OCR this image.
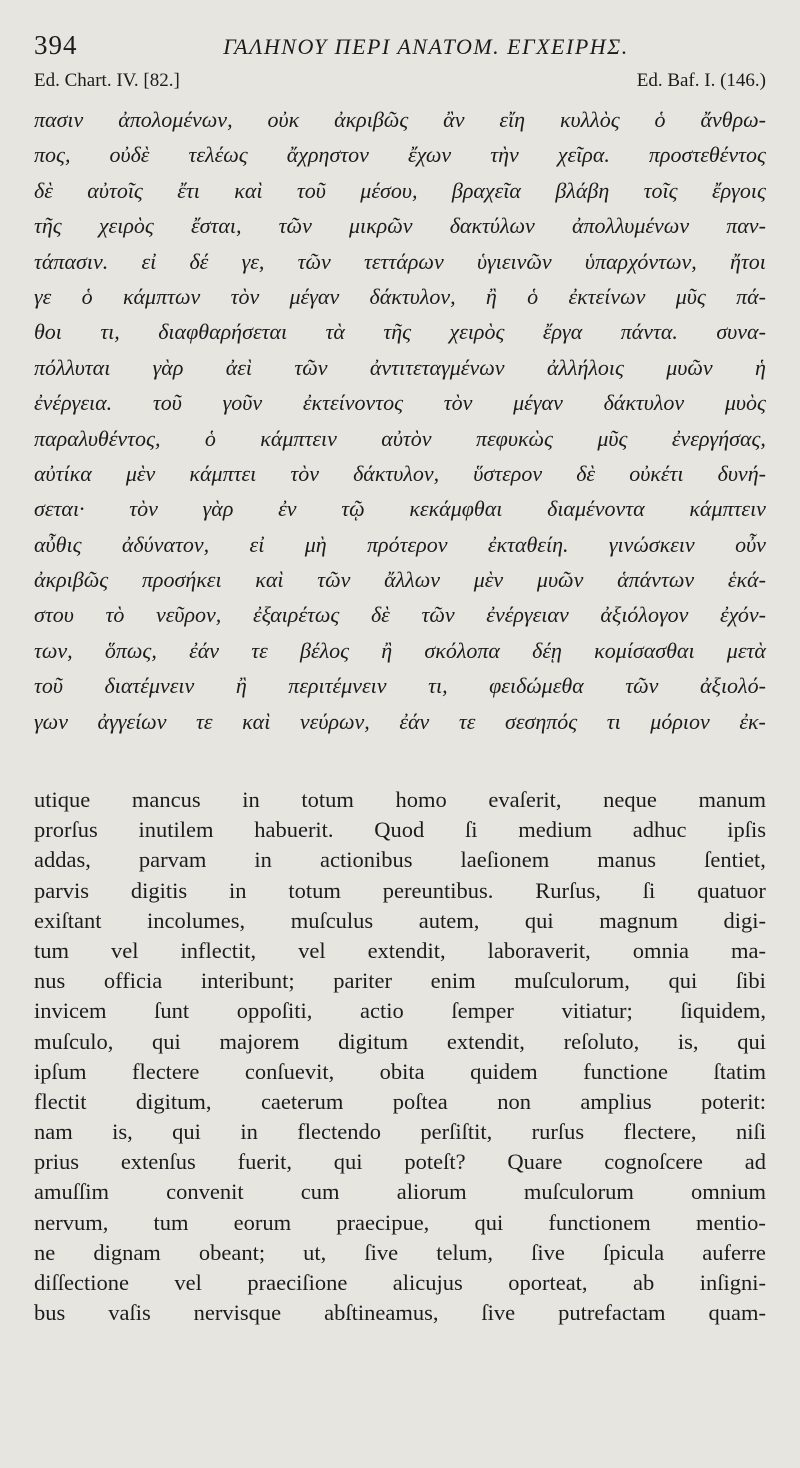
394	ΓΑΛΗΝΟΥ ΠΕΡΙ ΑΝΑΤΟΜ. ΕΓΧΕΙΡΗΣ.
Ed. Chart. IV. [82.]	Ed. Baf. I. (146.)
πασιν ἀπολομένων, οὐκ ἀκριβῶς ἂν εἴη κυλλὸς ὁ ἄνθρω-
πος, οὐδὲ τελέως ἄχρηστον ἔχων τὴν χεῖρα. προστεθέντος
δὲ αὐτοῖς ἔτι καὶ τοῦ μέσου, βραχεῖα βλάβη τοῖς ἔργοις
τῆς χειρὸς ἔσται, τῶν μικρῶν δακτύλων ἀπολλυμένων παν-
τάπασιν. εἰ δέ γε, τῶν τεττάρων ὑγιεινῶν ὑπαρχόντων, ἤτοι
γε ὁ κάμπτων τὸν μέγαν δάκτυλον, ἢ ὁ ἐκτείνων μῦς πά-
θοι τι, διαφθαρήσεται τὰ τῆς χειρὸς ἔργα πάντα. συνα-
πόλλυται γὰρ ἀεὶ τῶν ἀντιτεταγμένων ἀλλήλοις μυῶν ἡ
ἐνέργεια. τοῦ γοῦν ἐκτείνοντος τὸν μέγαν δάκτυλον μυὸς
παραλυθέντος, ὁ κάμπτειν αὐτὸν πεφυκὼς μῦς ἐνεργήσας,
αὐτίκα μὲν κάμπτει τὸν δάκτυλον, ὕστερον δὲ οὐκέτι δυνή-
σεται· τὸν γὰρ ἐν τῷ κεκάμφθαι διαμένοντα κάμπτειν
αὖθις ἀδύνατον, εἰ μὴ πρότερον ἐκταθείη. γινώσκειν οὖν
ἀκριβῶς προσήκει καὶ τῶν ἄλλων μὲν μυῶν ἁπάντων ἑκά-
στου τὸ νεῦρον, ἐξαιρέτως δὲ τῶν ἐνέργειαν ἀξιόλογον ἐχόν-
των, ὅπως, ἐάν τε βέλος ἢ σκόλοπα δέῃ κομίσασθαι μετὰ
τοῦ διατέμνειν ἢ περιτέμνειν τι, φειδώμεθα τῶν ἀξιολό-
γων ἀγγείων τε καὶ νεύρων, ἐάν τε σεσηπός τι μόριον ἐκ-
utique mancus in totum homo evaſerit, neque manum
prorſus inutilem habuerit. Quod ſi medium adhuc ipſis
addas, parvam in actionibus laeſionem manus ſentiet,
parvis digitis in totum pereuntibus. Rurſus, ſi quatuor
exiſtant incolumes, muſculus autem, qui magnum digi-
tum vel inflectit, vel extendit, laboraverit, omnia ma-
nus officia interibunt; pariter enim muſculorum, qui ſibi
invicem ſunt oppoſiti, actio ſemper vitiatur; ſiquidem,
muſculo, qui majorem digitum extendit, reſoluto, is, qui
ipſum flectere conſuevit, obita quidem functione ſtatim
flectit digitum, caeterum poſtea non amplius poterit:
nam is, qui in flectendo perſiſtit, rurſus flectere, niſi
prius extenſus fuerit, qui poteſt? Quare cognoſcere ad
amuſſim	convenit	cum	aliorum	muſculorum	omnium
nervum, tum eorum praecipue, qui functionem mentio-
ne dignam obeant; ut, ſive telum, ſive ſpicula auferre
diſſectione vel praeciſione alicujus oporteat, ab inſigni-
bus vaſis nervisque abſtineamus, ſive putrefactam quam-
